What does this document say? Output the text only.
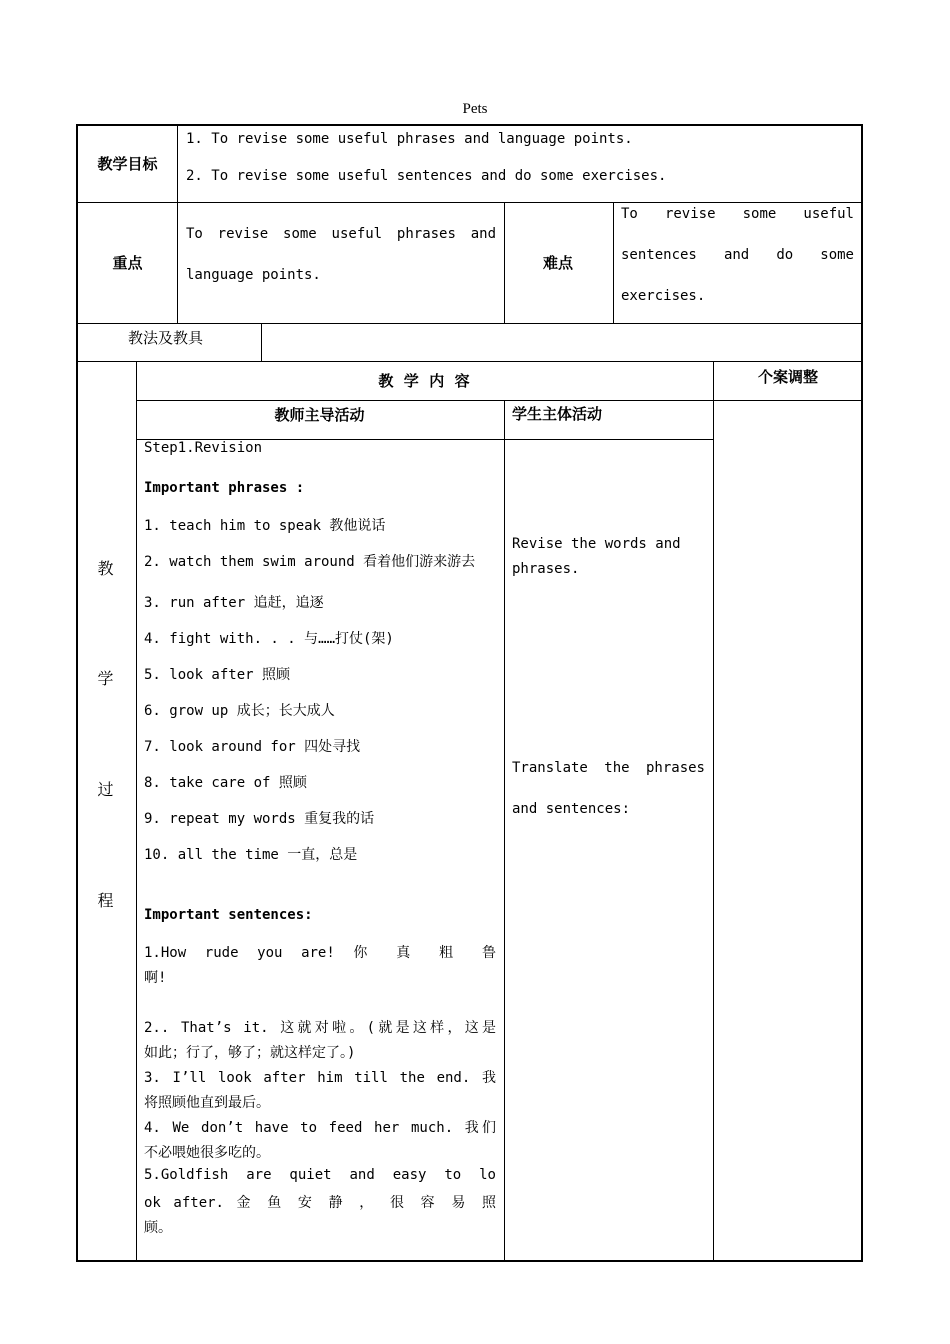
Pets
教学目标
1. To revise some useful phrases and language points.
2. To revise some useful sentences and do some exercises.
重点
To revise some useful phrases and
language points.
难点
To revise some useful
sentences and do some
exercises.
教法及教具
教
学
过
程
教  学  内  容	个案调整
教师主导活动	学生主体活动
Step1.Revision
Important phrases :
1. teach him to speak 教他说话
2. watch them swim around 看着他们游来游去
3. run after 追赶，追逐
4. fight with. . . 与……打仗(架)
5. look after 照顾
6. grow up 成长；长大成人
7. look around for 四处寻找
8. take care of 照顾
9. repeat my words 重复我的话
10. all the time 一直，总是
Important sentences:
1.How rude you are! 你 真 粗 鲁
啊!
2.. That’s it. 这就对啦。(就是这样，这是
如此；行了，够了；就这样定了。)
3. I’ll look after him till the end. 我
将照顾他直到最后。
4. We don’t have to feed her much. 我们
不必喂她很多吃的。
5.Goldfish are quiet and easy to lo
ok after. 金 鱼 安 静 ， 很 容 易 照
顾。
Revise the words and
phrases.
Translate the phrases
and sentences:
